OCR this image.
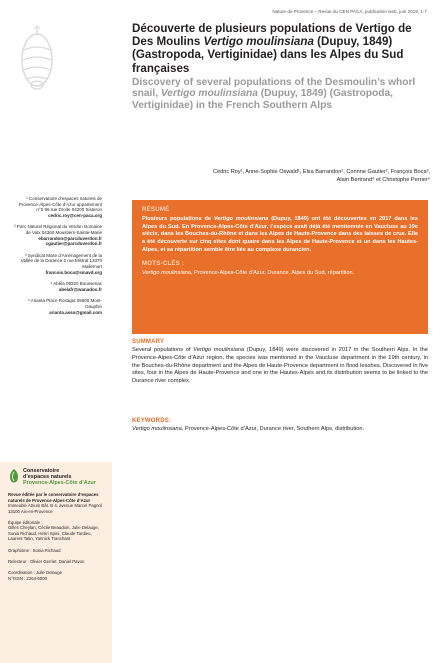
Nature de Provence – Revue du CEN PACA, publication web, juin 2019, 1-7

Découverte de plusieurs populations de Vertigo de Des Moulins Vertigo moulinsiana (Dupuy, 1849) (Gastropoda, Vertiginidae) dans les Alpes du Sud françaises

Discovery of several populations of the Desmoulin’s whorl snail, Vertigo moulinsiana (Dupuy, 1849) (Gastropoda, Vertiginidae) in the French Southern Alps

Cédric Roy¹, Anne-Sophie Oswald¹, Elsa Barrandon², Corinne Gautier², François Boca³,
Alain Bertrand⁴ et Christophe Perrier⁵
¹ Conservatoire d’espaces naturels de Provence-Alpes-Côte d’Azur appartement n°5 96 rue Droite 04200 Sisteron
cedric.roy@cen-paca.org
² Parc Naturel Régional du Verdon Domaine de Valx 04360 Moustiers-Sainte-Marie
ebarrandon@parcduverdon.fr cgautier@parcduverdon.fr
³ Syndicat Mixte d’Aménagement de la Vallée de la Durance 2 rue Mistral 13370 Mallemort
francois.boca@smavd.org
⁴ Abéla 09320 Boussenac
abelafr@wanadoo.fr
⁵ Arianta Place Rosagut 05600 Mont-Dauphin
arianta.asso@gmail.com
RÉSUMÉ

Plusieurs populations de Vertigo moulinsiana (Dupuy, 1849) ont été découvertes en 2017 dans les Alpes du Sud. En Provence-Alpes-Côte d’Azur, l’espèce avait déjà été mentionnée en Vaucluse au 19e siècle, dans les Bouches-du-Rhône et dans les Alpes de Haute-Provence dans des laisses de crue. Elle a été découverte sur cinq sites dont quatre dans les Alpes de Haute-Provence et un dans les Hautes-Alpes, et sa répartition semble être liée au complexe durancien.

MOTS-CLÉS :

Vertigo moulinsiana, Provence-Alpes-Côte d’Azur, Durance, Alpes du Sud, répartition.

SUMMARY

Several populations of Vertigo moulinsiana (Dupuy, 1849) were discovered in 2017 in the Southern Alps. In the Provence-Alpes-Côte d’Azur region, the species was mentioned in the Vaucluse department in the 19th century, in the Bouches-du-Rhône department and the Alpes de Haute-Provence department in flood leashes. Discovered in five sites, four in the Alpes de Haute-Provence and one in the Hautes-Alpes and its distribution seems to be linked to the Durance river complex.

KEYWORDS:

Vertigo moulinsiana, Provence-Alpes-Côte d’Azur, Durance river, Southern Alps, distribution.

Conservatoire
d’espaces naturels
Provence-Alpes-Côte d’Azur
Revue éditée par le conservatoire d’espaces naturels de Provence-Alpes-Côte d’Azur
Immeuble Atrium Bât. B 4, avenue Marcel Pagnol 13100 Aix-en-Provence
Équipe éditoriale :
Gilles Cheylan, Cécile Beaudoin, Julie Delauge, Sonia Richaud, Henri Spini, Claude Tardieu, Laurent Tatin, Yannick Tranchant
Graphisme : Sonia Richaud
Relecteur : Olivier Gerriet, Daniel Pavon
Coordination : Julie Delauge
N°ISSN : 2264-6000
